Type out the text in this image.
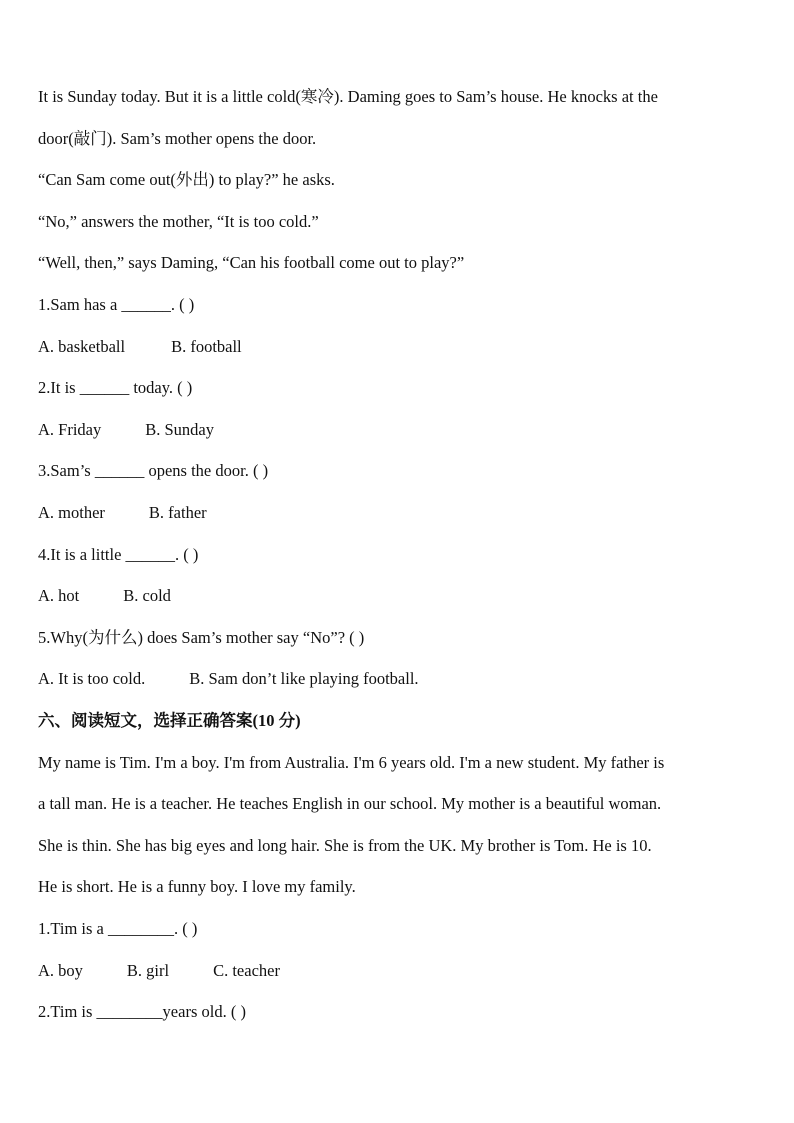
It is Sunday today. But it is a little cold(寒冷). Daming goes to Sam’s house. He knocks at the
door(敲门). Sam’s mother opens the door.
“Can Sam come out(外出) to play?” he asks.
“No,” answers the mother, “It is too cold.”
“Well, then,” says Daming, “Can his football come out to play?”
1.Sam has a ______. ( )
A. basketball	B. football
2.It is ______ today. ( )
A. Friday	B. Sunday
3.Sam’s ______ opens the door. ( )
A. mother	B. father
4.It is a little ______. ( )
A. hot	B. cold
5.Why(为什么) does Sam’s mother say “No”? ( )
A. It is too cold.	B. Sam don’t like playing football.
六、阅读短文，选择正确答案(10 分)
My name is Tim. I'm a boy. I'm from Australia. I'm 6 years old. I'm a new student. My father is
a tall man. He is a teacher. He teaches English in our school. My mother is a beautiful woman.
She is thin. She has big eyes and long hair. She is from the UK. My brother is Tom. He is 10.
He is short. He is a funny boy. I love my family.
1.Tim is a ________. ( )
A. boy	B. girl	C. teacher
2.Tim is ________years old. ( )
